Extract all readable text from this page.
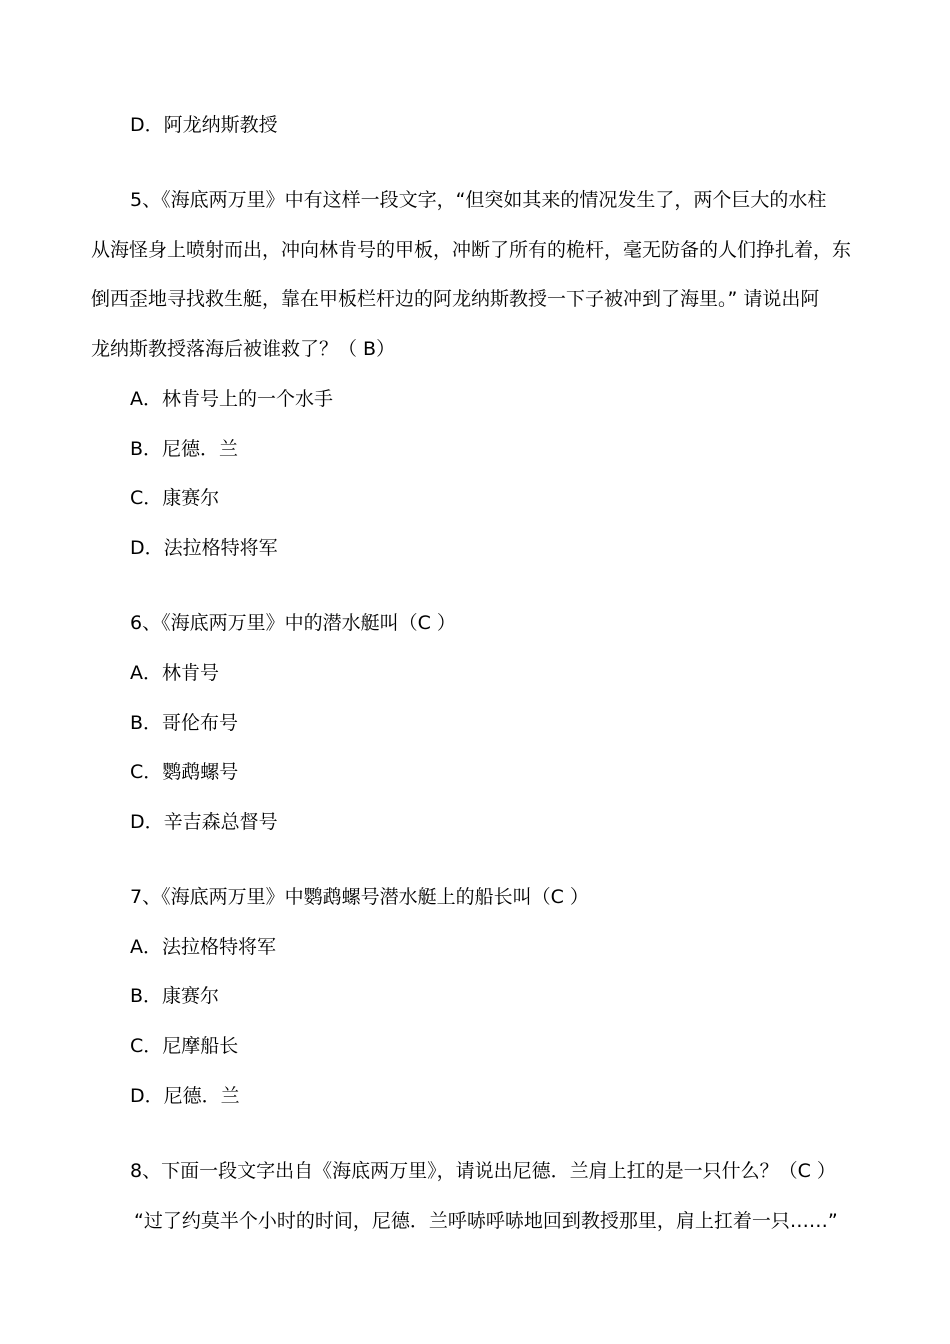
D．阿龙纳斯教授
5、《海底两万里》中有这样一段文字，“但突如其来的情况发生了，两个巨大的水柱
从海怪身上喷射而出，冲向林肯号的甲板，冲断了所有的桅杆，毫无防备的人们挣扎着，东
倒西歪地寻找救生艇，靠在甲板栏杆边的阿龙纳斯教授一下子被冲到了海里。” 请说出阿
龙纳斯教授落海后被谁救了？（ B）
A．林肯号上的一个水手
B．尼德．兰
C．康赛尔
D．法拉格特将军
6、《海底两万里》中的潜水艇叫（C ）
A．林肯号
B．哥伦布号
C．鹦鹉螺号
D．辛吉森总督号
7、《海底两万里》中鹦鹉螺号潜水艇上的船长叫（C ）
A．法拉格特将军
B．康赛尔
C．尼摩船长
D．尼德．兰
8、下面一段文字出自《海底两万里》，请说出尼德．兰肩上扛的是一只什么？（C ）
“过了约莫半个小时的时间，尼德．兰呼哧呼哧地回到教授那里，肩上扛着一只……”
